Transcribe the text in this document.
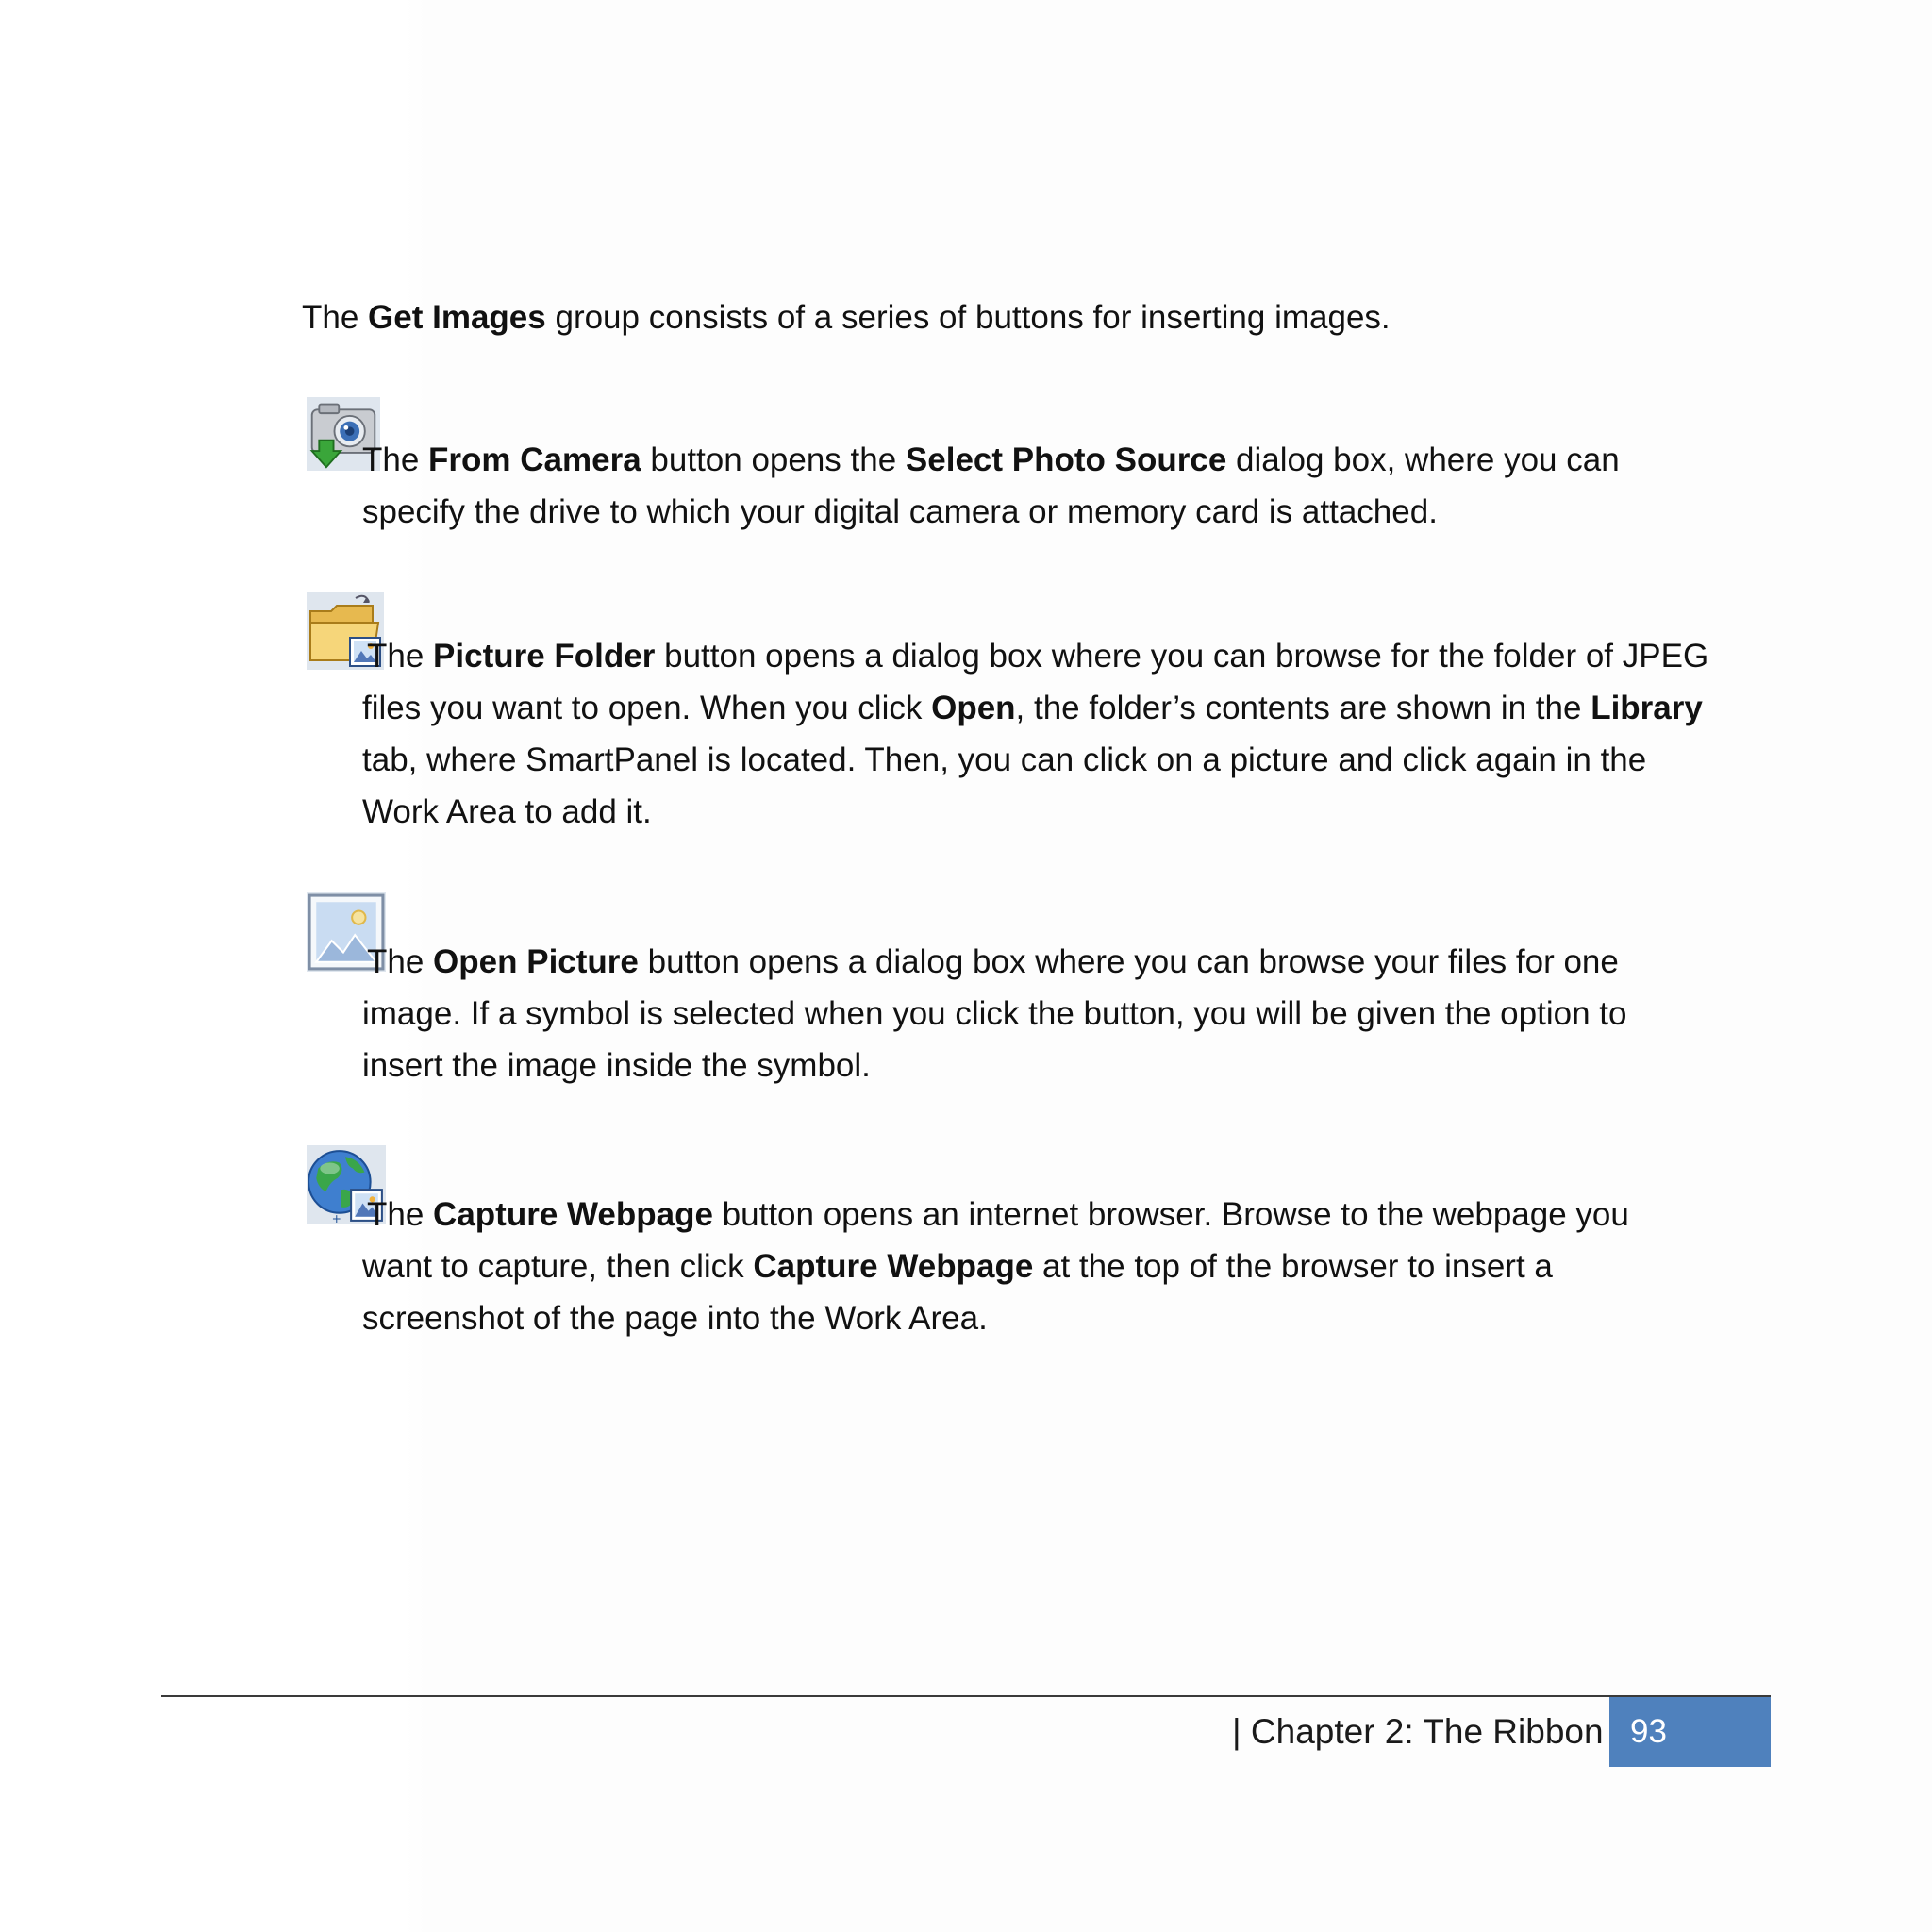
The Get Images group consists of a series of buttons for inserting images.
The From Camera button opens the Select Photo Source dialog box, where you can
specify the drive to which your digital camera or memory card is attached.
The Picture Folder button opens a dialog box where you can browse for the folder of JPEG
files you want to open. When you click Open, the folder’s contents are shown in the Library
tab, where SmartPanel is located. Then, you can click on a picture and click again in the
Work Area to add it.
The Open Picture button opens a dialog box where you can browse your files for one
image. If a symbol is selected when you click the button, you will be given the option to
insert the image inside the symbol.
+ The Capture Webpage button opens an internet browser. Browse to the webpage you
want to capture, then click Capture Webpage at the top of the browser to insert a
screenshot of the page into the Work Area.
| Chapter 2: The Ribbon 93
